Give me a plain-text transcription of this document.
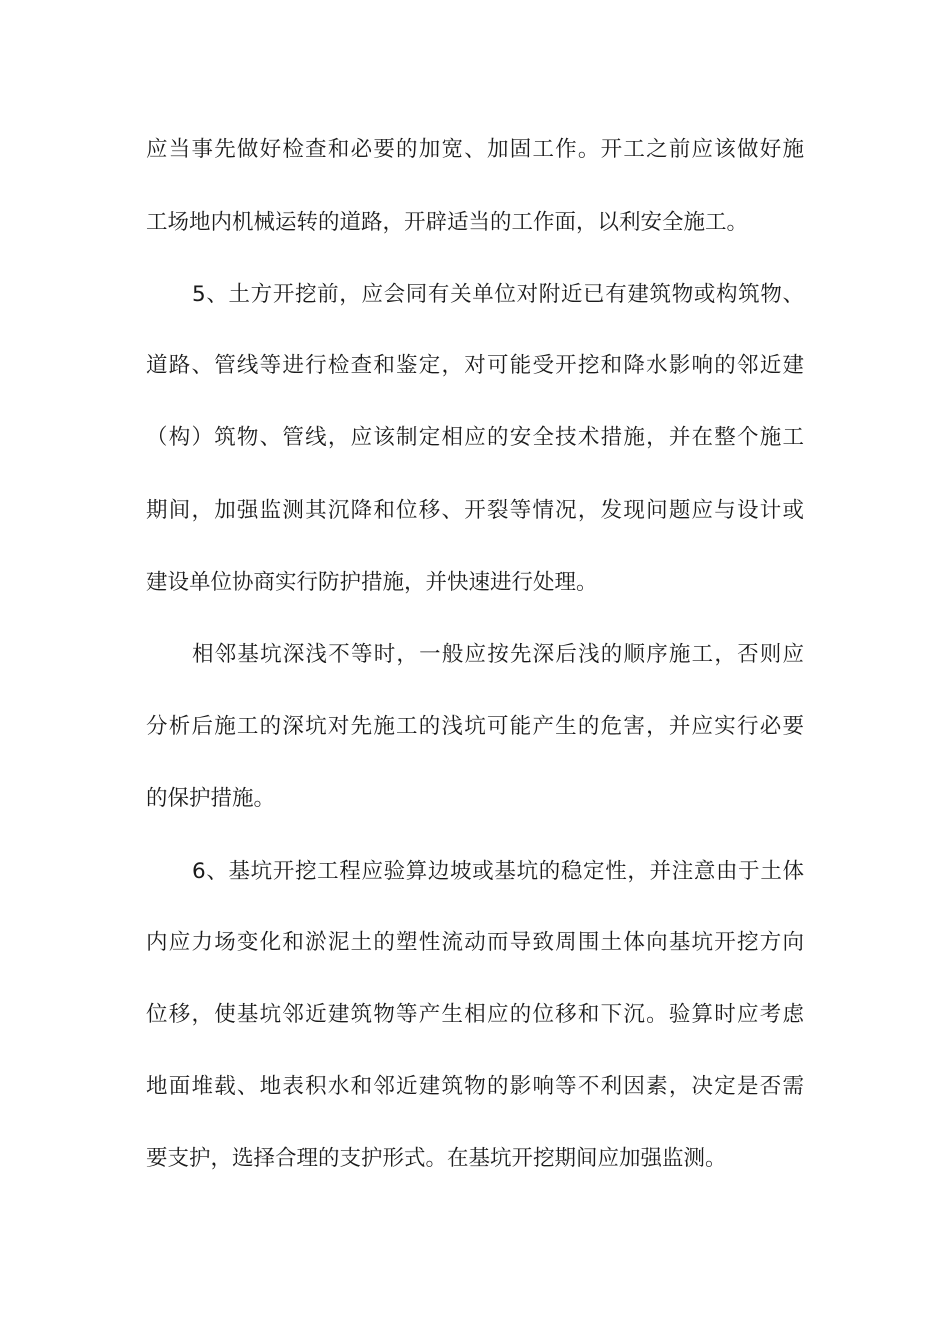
应当事先做好检查和必要的加宽、加固工作。开工之前应该做好施
工场地内机械运转的道路，开辟适当的工作面，以利安全施工。
5、土方开挖前，应会同有关单位对附近已有建筑物或构筑物、
道路、管线等进行检查和鉴定，对可能受开挖和降水影响的邻近建
（构）筑物、管线，应该制定相应的安全技术措施，并在整个施工
期间，加强监测其沉降和位移、开裂等情况，发现问题应与设计或
建设单位协商实行防护措施，并快速进行处理。
相邻基坑深浅不等时，一般应按先深后浅的顺序施工，否则应
分析后施工的深坑对先施工的浅坑可能产生的危害，并应实行必要
的保护措施。
6、基坑开挖工程应验算边坡或基坑的稳定性，并注意由于土体
内应力场变化和淤泥土的塑性流动而导致周围土体向基坑开挖方向
位移，使基坑邻近建筑物等产生相应的位移和下沉。验算时应考虑
地面堆载、地表积水和邻近建筑物的影响等不利因素，决定是否需
要支护，选择合理的支护形式。在基坑开挖期间应加强监测。
